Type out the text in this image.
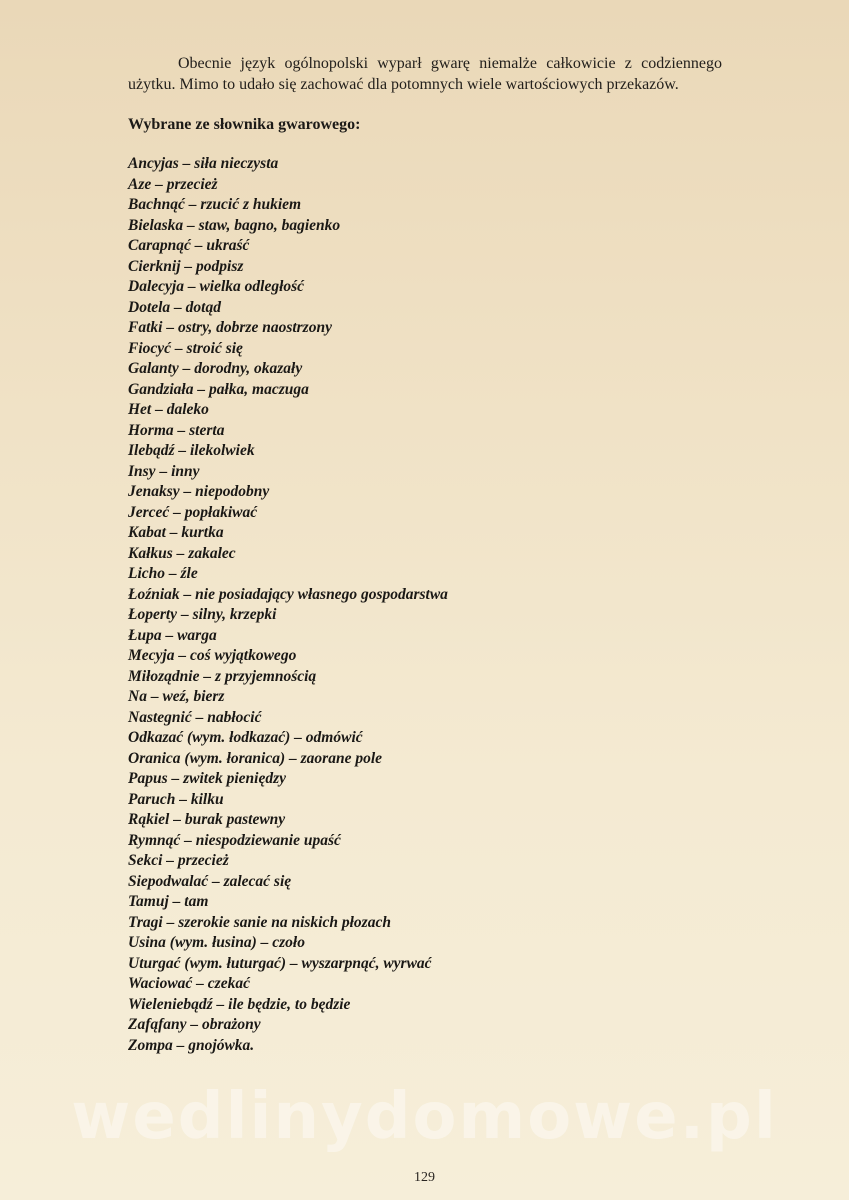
Obecnie język ogólnopolski wyparł gwarę niemalże całkowicie z codziennego użytku. Mimo to udało się zachować dla potomnych wiele wartościowych przekazów.

Wybrane ze słownika gwarowego:

Ancyjas – siła nieczysta
Aze – przecież
Bachnąć – rzucić z hukiem
Bielaska – staw, bagno, bagienko
Carapnąć – ukraść
Cierknij – podpisz
Dalecyja – wielka odległość
Dotela – dotąd
Fatki – ostry, dobrze naostrzony
Fiocyć – stroić się
Galanty – dorodny, okazały
Gandziała – pałka, maczuga
Het – daleko
Horma – sterta
Ilebądź – ilekolwiek
Insy – inny
Jenaksy – niepodobny
Jerceć – popłakiwać
Kabat – kurtka
Kałkus – zakalec
Licho – źle
Łoźniak – nie posiadający własnego gospodarstwa
Łoperty – silny, krzepki
Łupa – warga
Mecyja – coś wyjątkowego
Miłoządnie – z przyjemnością
Na – weź, bierz
Nastegnić – nabłocić
Odkazać (wym. łodkazać) – odmówić
Oranica (wym. łoranica) – zaorane pole
Papus – zwitek pieniędzy
Paruch – kilku
Rąkiel – burak pastewny
Rymnąć – niespodziewanie upaść
Sekci – przecież
Siepodwalać – zalecać się
Tamuj – tam
Tragi – szerokie sanie na niskich płozach
Usina (wym. łusina) – czoło
Uturgać (wym. łuturgać) – wyszarpnąć, wyrwać
Waciować – czekać
Wieleniebądź – ile będzie, to będzie
Zafąfany – obrażony
Zompa – gnojówka.

wedlinydomowe.pl

129
